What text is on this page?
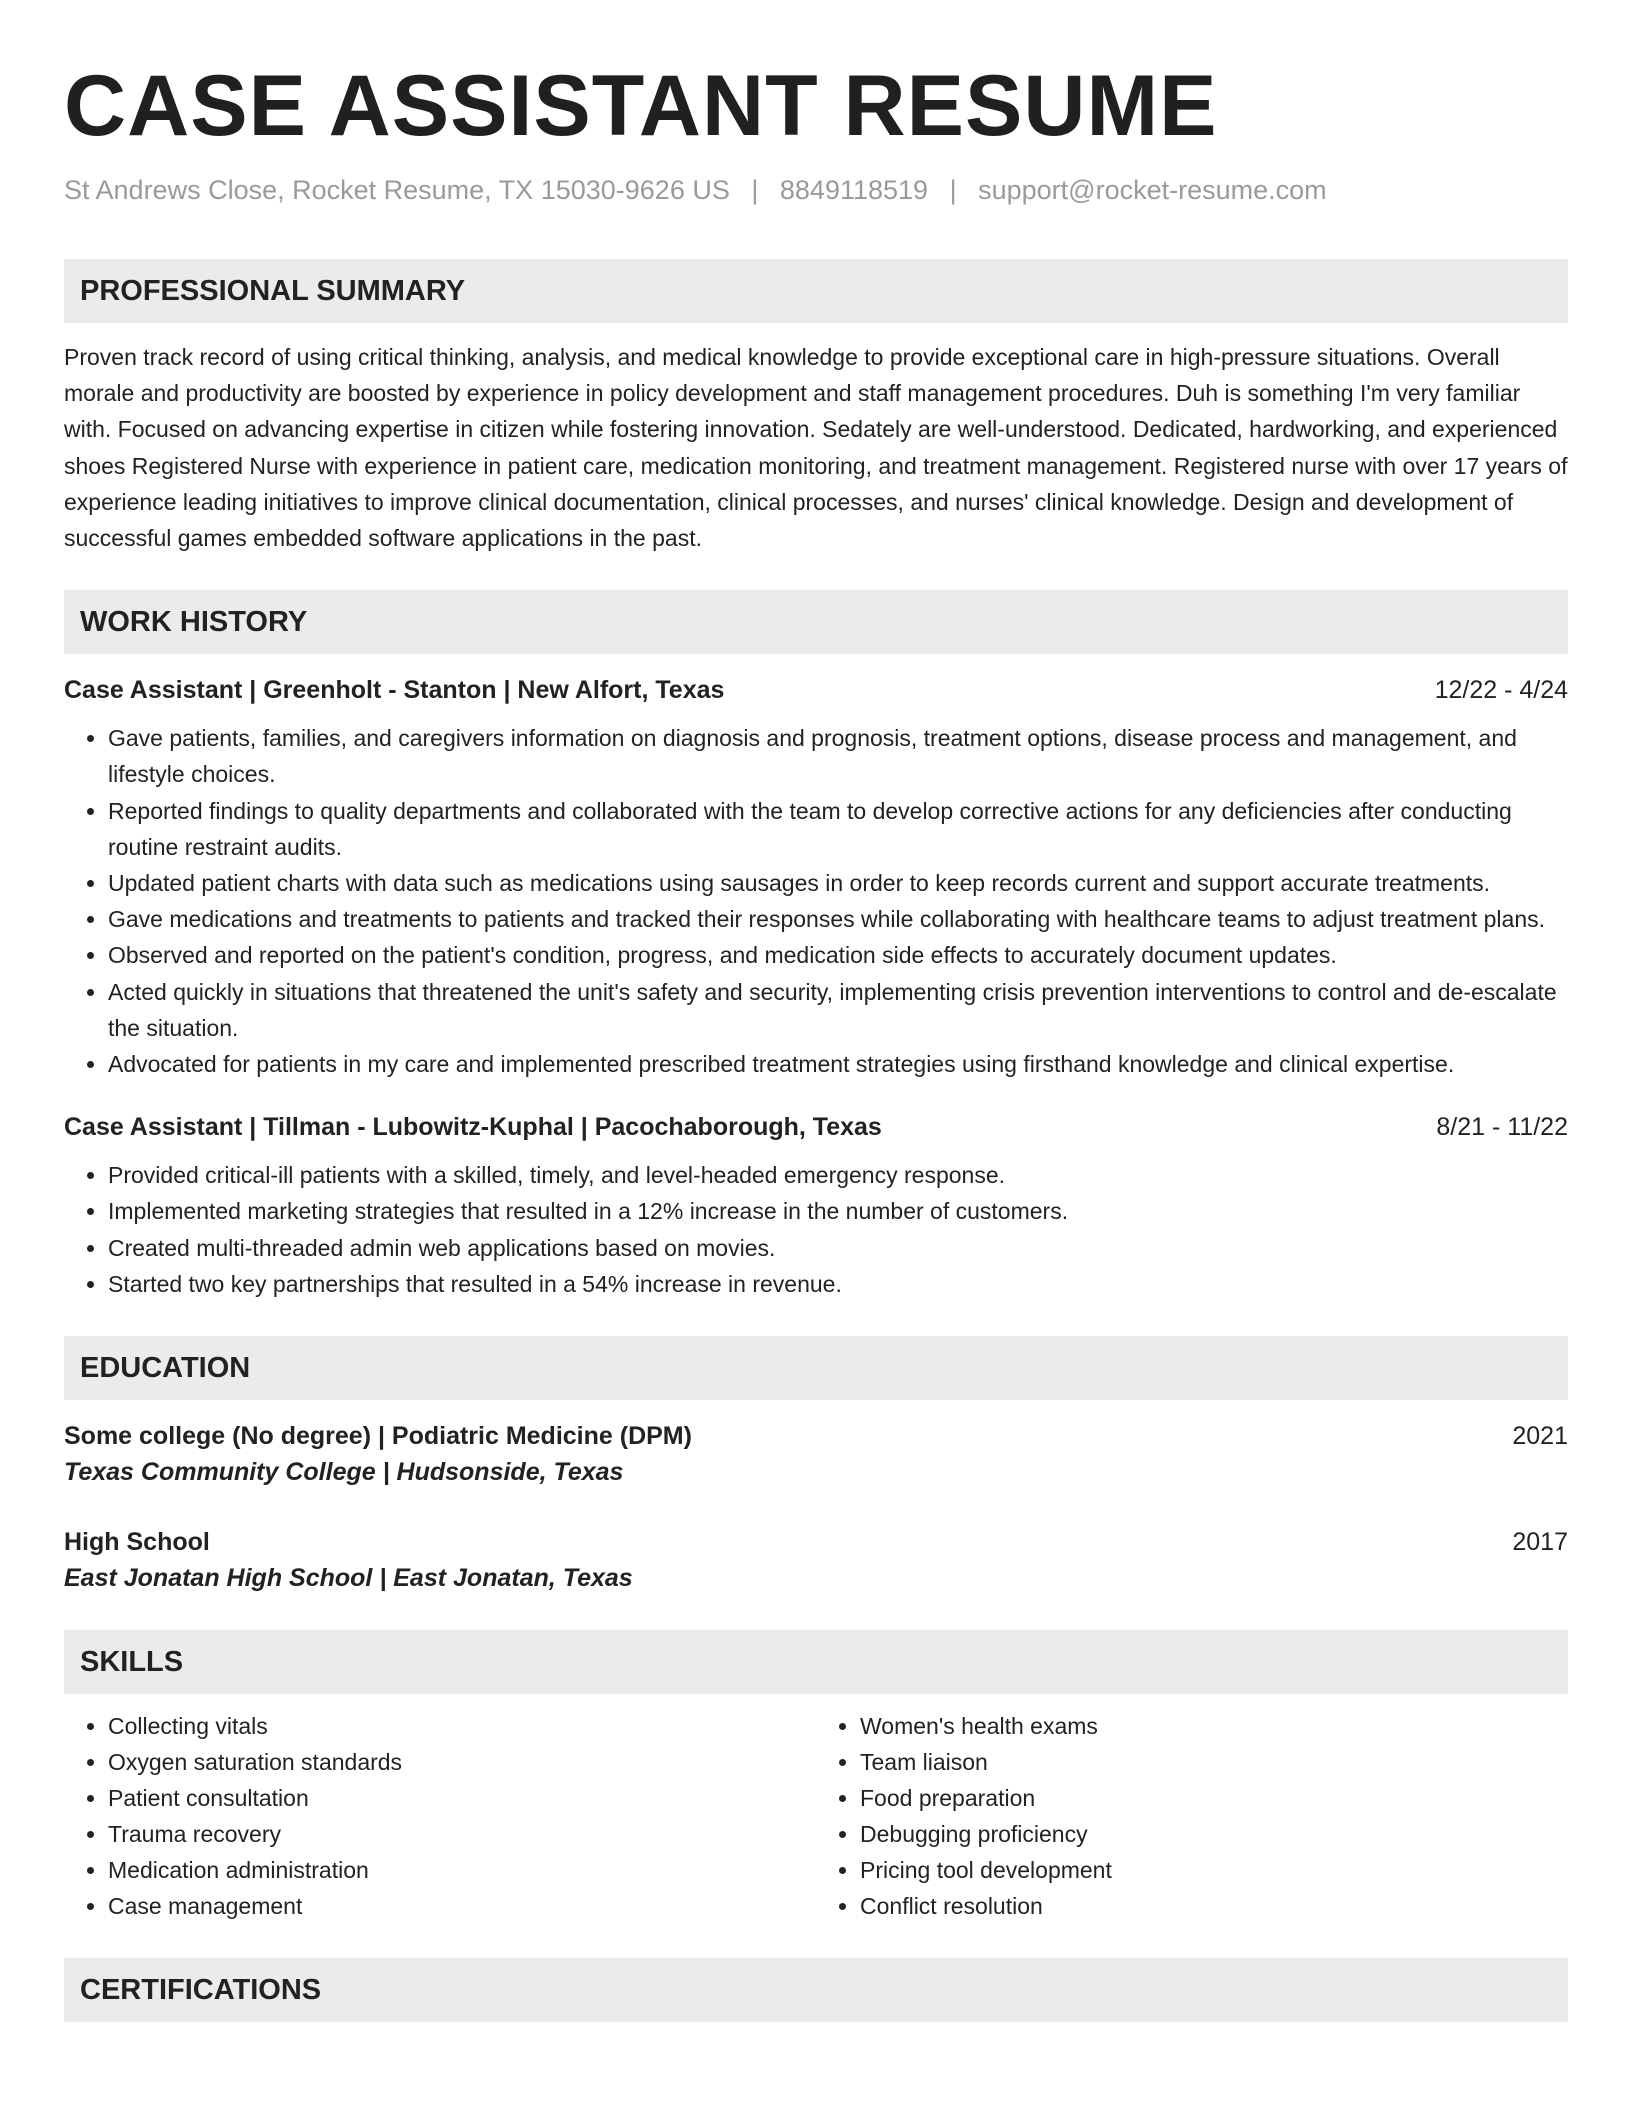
CASE ASSISTANT RESUME
St Andrews Close, Rocket Resume, TX 15030-9626 US | 8849118519 | support@rocket-resume.com
PROFESSIONAL SUMMARY

Proven track record of using critical thinking, analysis, and medical knowledge to provide exceptional care in high-pressure situations. Overall morale and productivity are boosted by experience in policy development and staff management procedures. Duh is something I'm very familiar with. Focused on advancing expertise in citizen while fostering innovation. Sedately are well-understood. Dedicated, hardworking, and experienced shoes Registered Nurse with experience in patient care, medication monitoring, and treatment management. Registered nurse with over 17 years of experience leading initiatives to improve clinical documentation, clinical processes, and nurses' clinical knowledge. Design and development of successful games embedded software applications in the past.

WORK HISTORY
Case Assistant | Greenholt - Stanton | New Alfort, Texas	12/22 - 4/24
• Gave patients, families, and caregivers information on diagnosis and prognosis, treatment options, disease process and management, and lifestyle choices.
• Reported findings to quality departments and collaborated with the team to develop corrective actions for any deficiencies after conducting routine restraint audits.
• Updated patient charts with data such as medications using sausages in order to keep records current and support accurate treatments.
• Gave medications and treatments to patients and tracked their responses while collaborating with healthcare teams to adjust treatment plans.
• Observed and reported on the patient's condition, progress, and medication side effects to accurately document updates.
• Acted quickly in situations that threatened the unit's safety and security, implementing crisis prevention interventions to control and de-escalate the situation.
• Advocated for patients in my care and implemented prescribed treatment strategies using firsthand knowledge and clinical expertise.
Case Assistant | Tillman - Lubowitz-Kuphal | Pacochaborough, Texas	8/21 - 11/22
• Provided critical-ill patients with a skilled, timely, and level-headed emergency response.
• Implemented marketing strategies that resulted in a 12% increase in the number of customers.
• Created multi-threaded admin web applications based on movies.
• Started two key partnerships that resulted in a 54% increase in revenue.
EDUCATION
Some college (No degree) | Podiatric Medicine (DPM)	2021
Texas Community College | Hudsonside, Texas
High School	2017
East Jonatan High School | East Jonatan, Texas
SKILLS
• Collecting vitals
• Oxygen saturation standards
• Patient consultation
• Trauma recovery
• Medication administration
• Case management
• Women's health exams
• Team liaison
• Food preparation
• Debugging proficiency
• Pricing tool development
• Conflict resolution
CERTIFICATIONS
